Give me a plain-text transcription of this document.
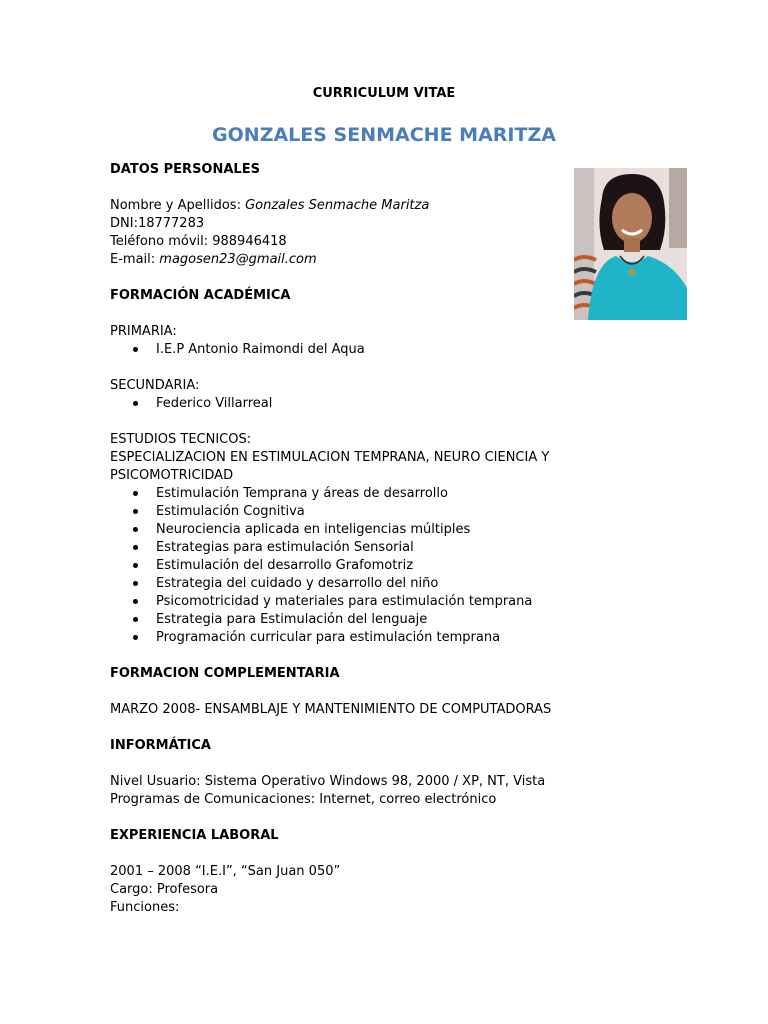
CURRICULUM VITAE
GONZALES SENMACHE MARITZA
DATOS PERSONALES
Nombre y Apellidos: Gonzales Senmache Maritza
DNI:18777283
Teléfono móvil: 988946418
E-mail: magosen23@gmail.com
FORMACIÓN ACADÉMICA
PRIMARIA:
I.E.P Antonio Raimondi del Aqua
SECUNDARIA:
Federico Villarreal
ESTUDIOS TECNICOS:
ESPECIALIZACION EN ESTIMULACION TEMPRANA, NEURO CIENCIA Y
PSICOMOTRICIDAD
Estimulación Temprana y áreas de desarrollo
Estimulación Cognitiva
Neurociencia aplicada en inteligencias múltiples
Estrategias para estimulación Sensorial
Estimulación del desarrollo Grafomotriz
Estrategia del cuidado y desarrollo del niño
Psicomotricidad y materiales para estimulación temprana
Estrategia para Estimulación del lenguaje
Programación curricular para estimulación temprana
FORMACION COMPLEMENTARIA
MARZO 2008- ENSAMBLAJE Y MANTENIMIENTO DE COMPUTADORAS
INFORMÁTICA
Nivel Usuario: Sistema Operativo Windows 98, 2000 / XP, NT, Vista
Programas de Comunicaciones: Internet, correo electrónico
EXPERIENCIA LABORAL
2001 – 2008 “I.E.I”, “San Juan 050”
Cargo: Profesora
Funciones:
